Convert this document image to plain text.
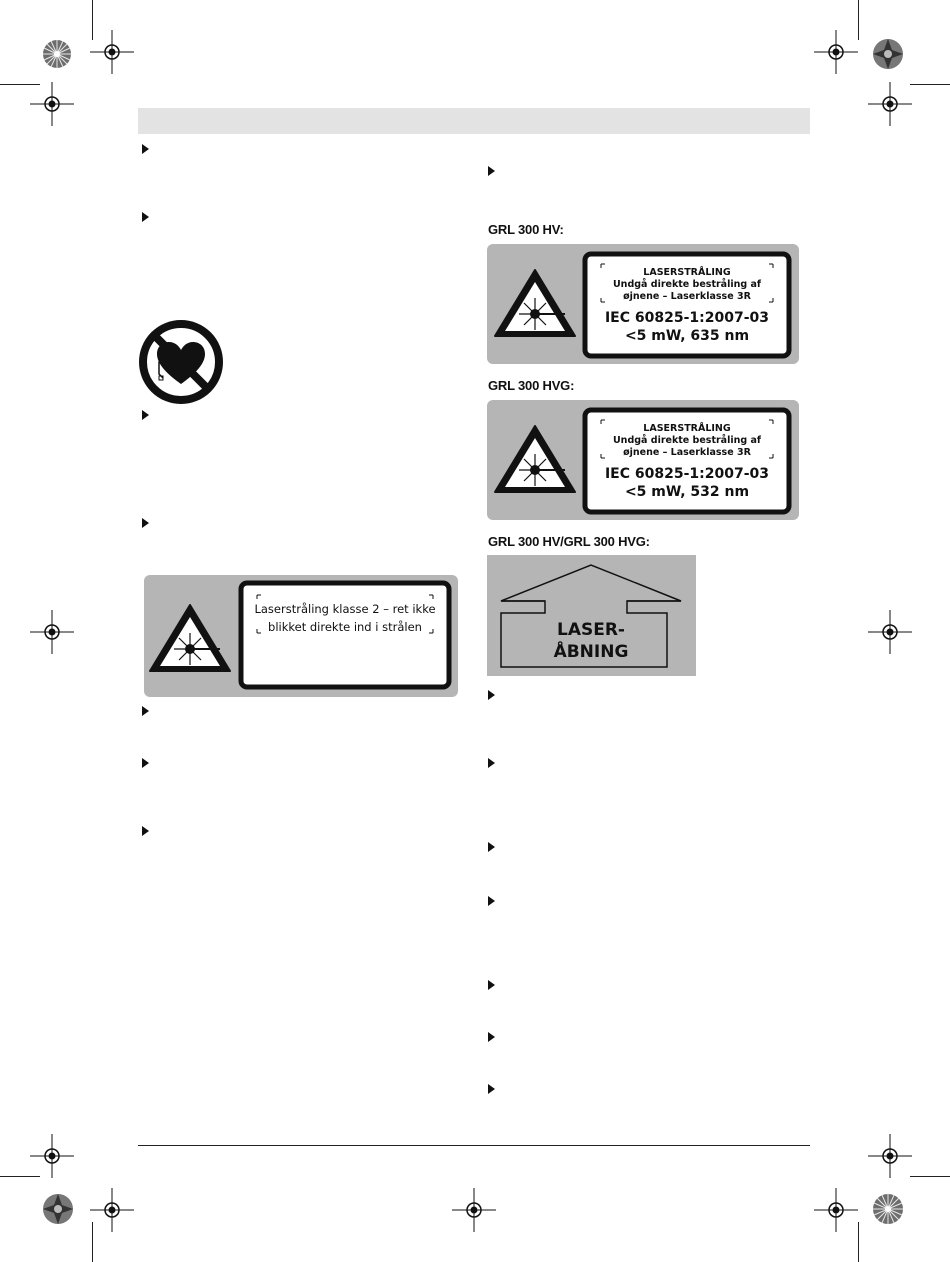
Laserstråling klasse 2 – ret ikke
blikket direkte ind i strålen
GRL 300 HV:
GRL 300 HVG:
GRL 300 HV/GRL 300 HVG:
LASERSTRÅLING
Undgå direkte bestråling af
øjnene – Laserklasse 3R
IEC 60825-1:2007-03
<5 mW, 635 nm
LASERSTRÅLING
Undgå direkte bestråling af
øjnene – Laserklasse 3R
IEC 60825-1:2007-03
<5 mW, 532 nm
LASER-
ÅBNING
